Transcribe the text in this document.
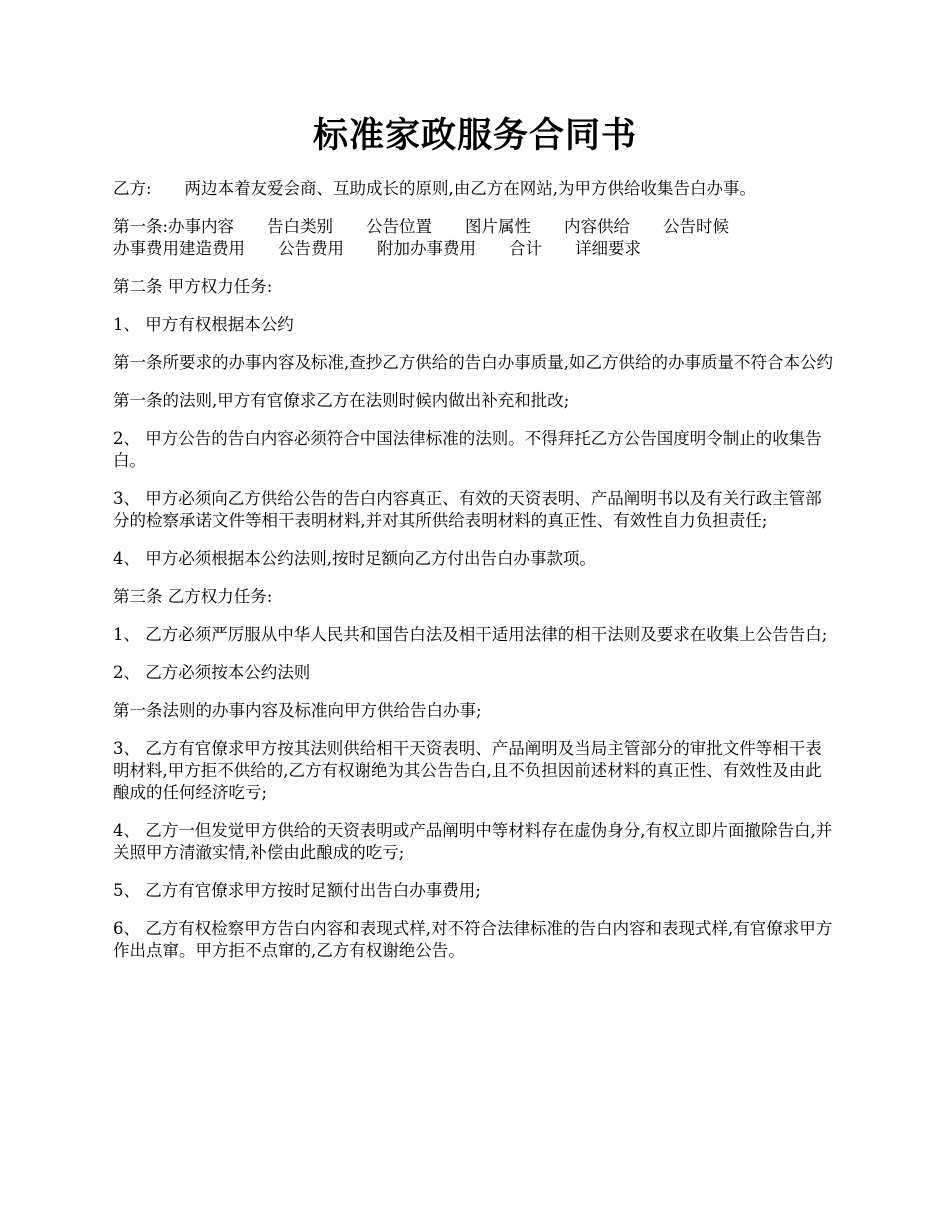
标准家政服务合同书

乙方:　　两边本着友爱会商、互助成长的原则,由乙方在网站,为甲方供给收集告白办事。

第一条:办事内容　　告白类别　　公告位置　　图片属性　　内容供给　　公告时候
办事费用建造费用　　公告费用　　附加办事费用　　合计　　详细要求

第二条 甲方权力任务:

1、 甲方有权根据本公约

第一条所要求的办事内容及标准,查抄乙方供给的告白办事质量,如乙方供给的办事质量不符合本公约

第一条的法则,甲方有官僚求乙方在法则时候内做出补充和批改;

2、 甲方公告的告白内容必须符合中国法律标准的法则。不得拜托乙方公告国度明令制止的收集告白。

3、 甲方必须向乙方供给公告的告白内容真正、有效的天资表明、产品阐明书以及有关行政主管部分的检察承诺文件等相干表明材料,并对其所供给表明材料的真正性、有效性自力负担责任;

4、 甲方必须根据本公约法则,按时足额向乙方付出告白办事款项。

第三条 乙方权力任务:

1、 乙方必须严厉服从中华人民共和国告白法及相干适用法律的相干法则及要求在收集上公告告白;

2、 乙方必须按本公约法则

第一条法则的办事内容及标准向甲方供给告白办事;

3、 乙方有官僚求甲方按其法则供给相干天资表明、产品阐明及当局主管部分的审批文件等相干表明材料,甲方拒不供给的,乙方有权谢绝为其公告告白,且不负担因前述材料的真正性、有效性及由此酿成的任何经济吃亏;

4、 乙方一但发觉甲方供给的天资表明或产品阐明中等材料存在虚伪身分,有权立即片面撤除告白,并关照甲方清澈实情,补偿由此酿成的吃亏;

5、 乙方有官僚求甲方按时足额付出告白办事费用;

6、 乙方有权检察甲方告白内容和表现式样,对不符合法律标准的告白内容和表现式样,有官僚求甲方作出点窜。甲方拒不点窜的,乙方有权谢绝公告。
